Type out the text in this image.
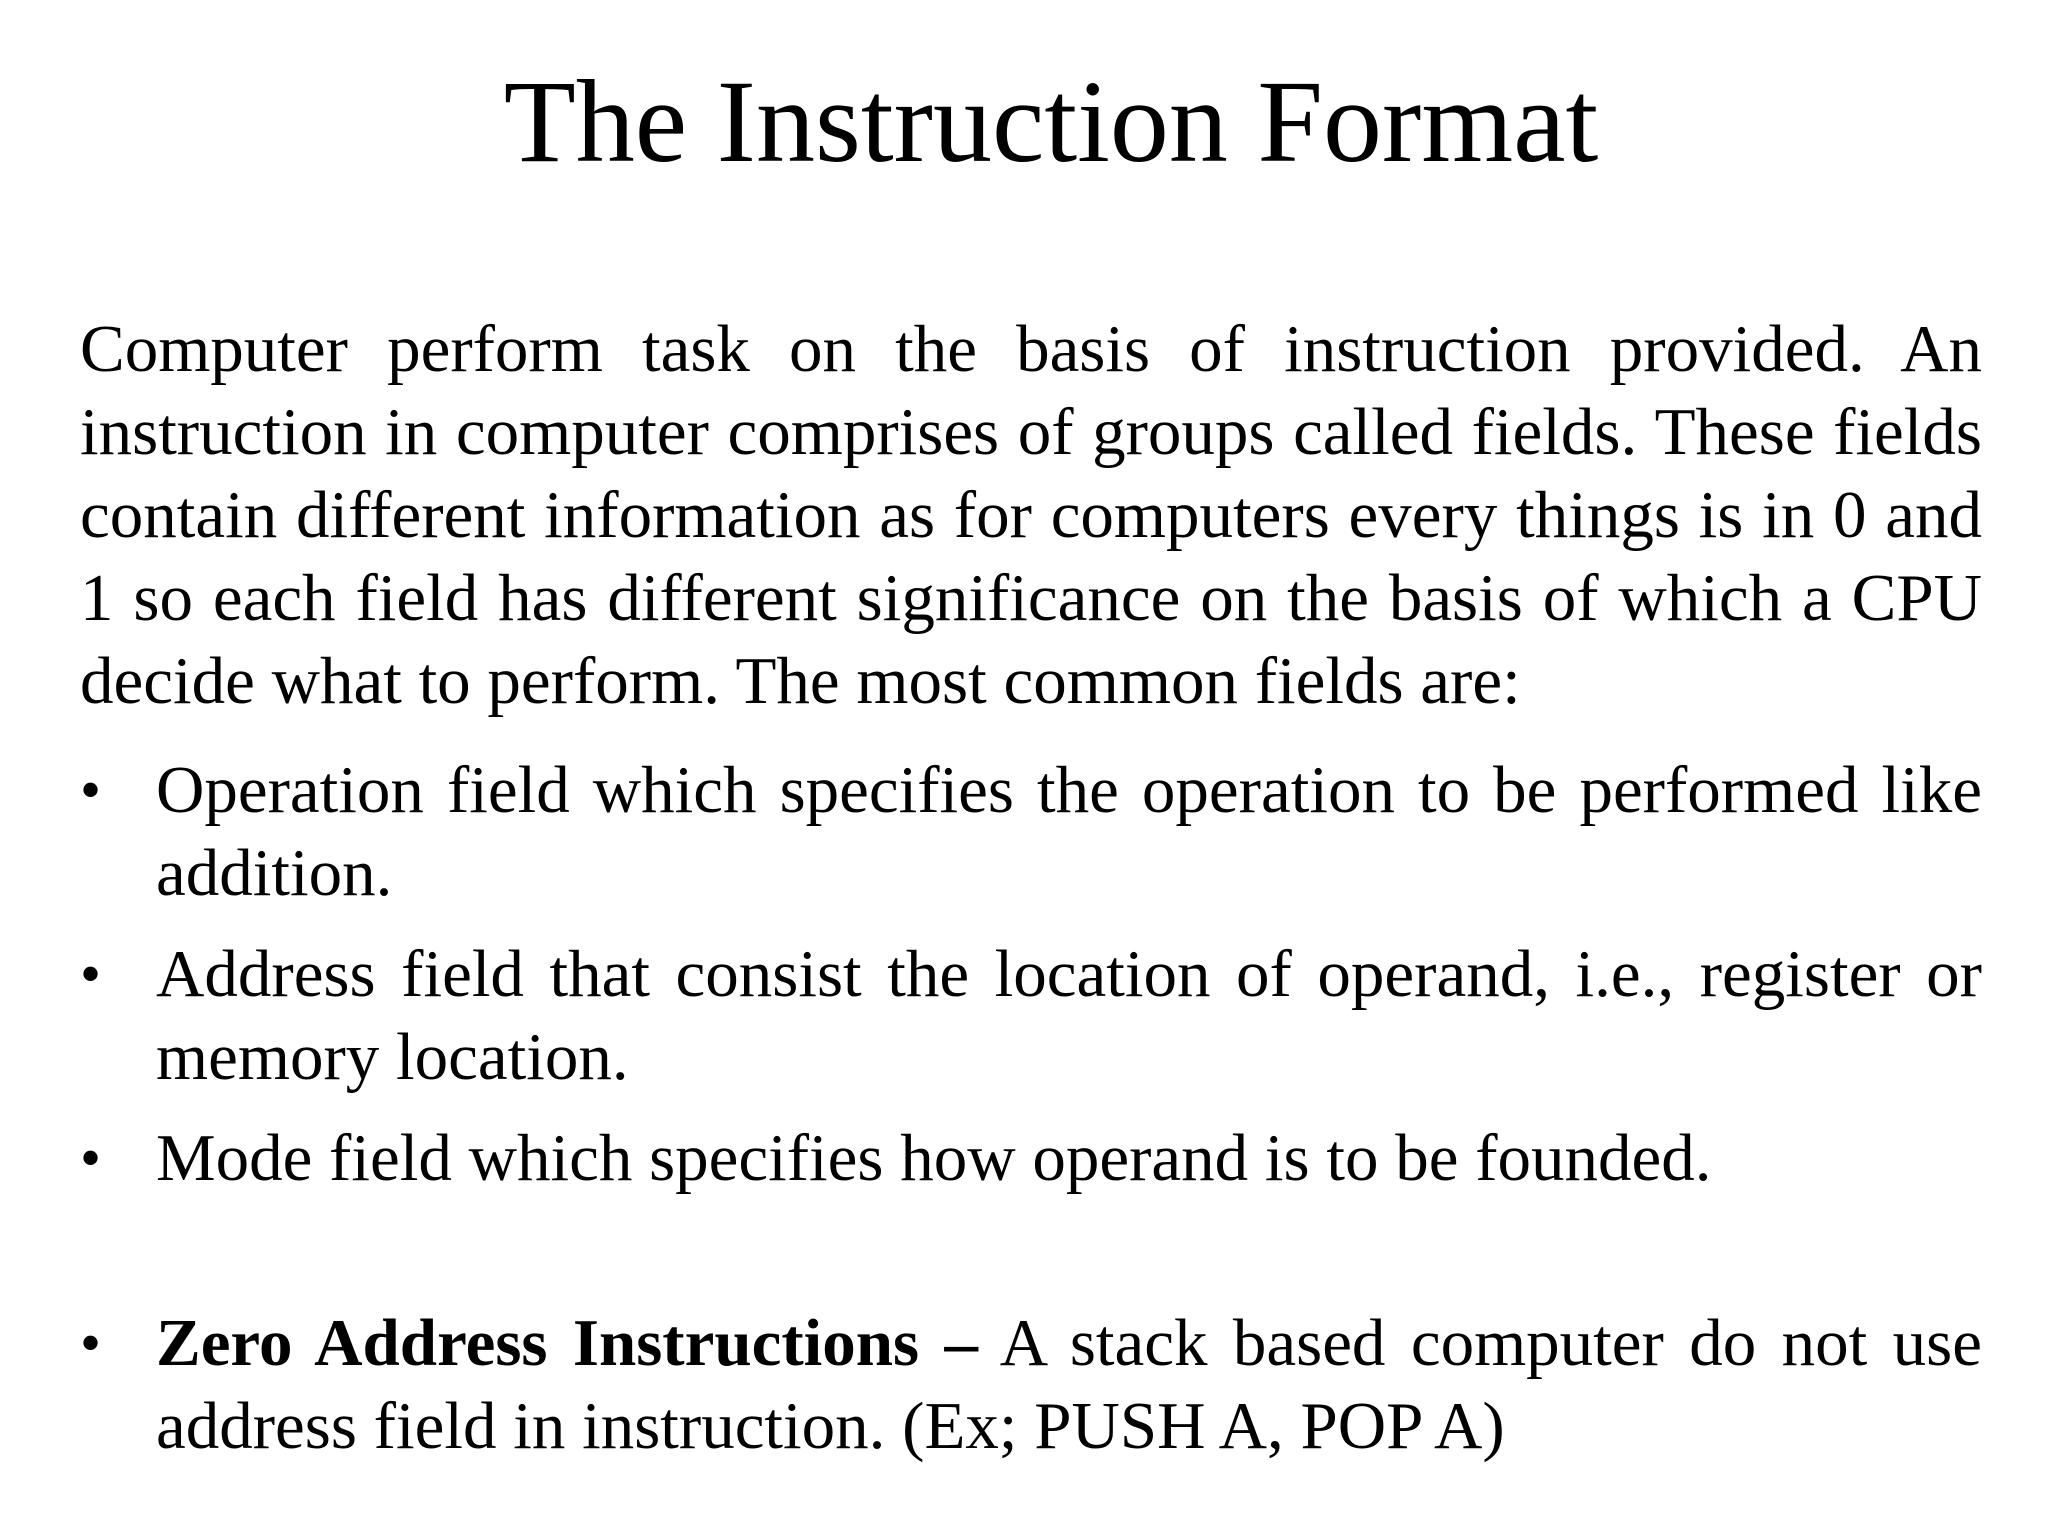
The Instruction Format

Computer perform task on the basis of instruction provided. An instruction in computer comprises of groups called fields. These fields contain different information as for computers every things is in 0 and 1 so each field has different significance on the basis of which a CPU decide what to perform. The most common fields are:

• Operation field which specifies the operation to be performed like addition.
• Address field that consist the location of operand, i.e., register or memory location.
• Mode field which specifies how operand is to be founded.
• Zero Address Instructions – A stack based computer do not use address field in instruction. (Ex; PUSH A, POP A)
